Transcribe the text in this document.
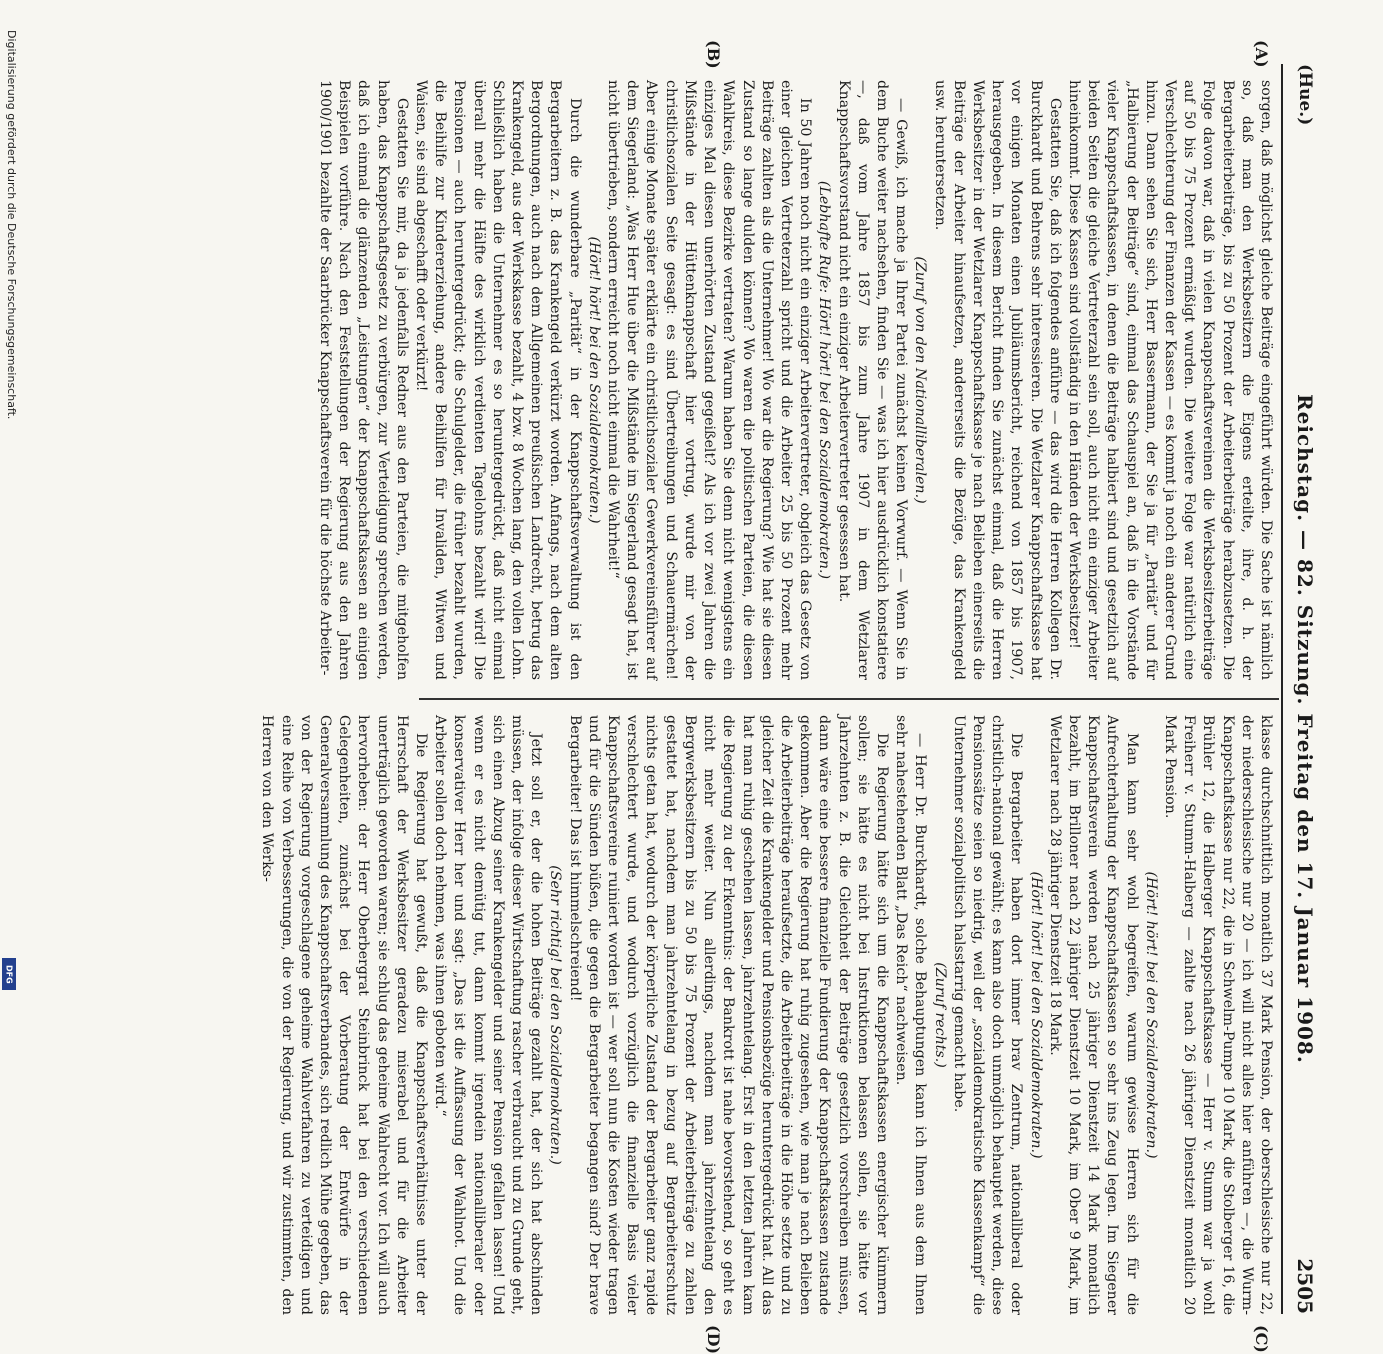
(Hue.)
Reichstag. — 82. Sitzung. Freitag den 17. Januar 1908.
2505
(A)
(B)
(C)
(D)

sorgen, daß möglichst gleiche Beiträge eingeführt würden. Die Sache ist nämlich so, daß man den Werksbesitzern die Eigens erteilte, ihre, d. h. der Bergarbeiterbeiträge, bis zu 50 Prozent der Arbeiterbeiträge herabzusetzen. Die Folge davon war, daß in vielen Knappschaftsvereinen die Werksbesitzerbeiträge auf 50 bis 75 Prozent ermäßigt wurden. Die weitere Folge war natürlich eine Verschlechterung der Finanzen der Kassen — es kommt ja noch ein anderer Grund hinzu. Dann sehen Sie sich, Herr Bassermann, der Sie ja für „Parität“ und für „Halbierung der Beiträge“ sind, einmal das Schauspiel an, daß in die Vorstände vieler Knappschaftskassen, in denen die Beiträge halbiert sind und gesetzlich auf beiden Seiten die gleiche Vertreterzahl sein soll, auch nicht ein einziger Arbeiter hineinkommt. Diese Kassen sind vollständig in den Händen der Werksbesitzer!

Gestatten Sie, daß ich folgendes anführe — das wird die Herren Kollegen Dr. Burckhardt und Behrens sehr interessieren. Die Wetzlarer Knappschaftskasse hat vor einigen Monaten einen Jubiläumsbericht, reichend von 1857 bis 1907, herausgegeben. In diesem Bericht finden Sie zunächst einmal, daß die Herren Werksbesitzer in der Wetzlarer Knappschaftskasse je nach Belieben einerseits die Beiträge der Arbeiter hinaufsetzen, andererseits die Bezüge, das Krankengeld usw. heruntersetzen.

(Zuruf von den Nationalliberalen.)

— Gewiß, ich mache ja Ihrer Partei zunächst keinen Vorwurf. — Wenn Sie in dem Buche weiter nachsehen, finden Sie — was ich hier ausdrücklich konstatiere —, daß vom Jahre 1857 bis zum Jahre 1907 in dem Wetzlarer Knappschaftsvorstand nicht ein einziger Arbeitervertreter gesessen hat.

(Lebhafte Rufe: Hört! hört! bei den Sozialdemokraten.)

In 50 Jahren noch nicht ein einziger Arbeitervertreter, obgleich das Gesetz von einer gleichen Vertreterzahl spricht und die Arbeiter 25 bis 50 Prozent mehr Beiträge zahlten als die Unternehmer! Wo war die Regierung? Wie hat sie diesen Zustand so lange dulden können? Wo waren die politischen Parteien, die diesen Wahlkreis, diese Bezirke vertraten? Warum haben Sie denn nicht wenigstens ein einziges Mal diesen unerhörten Zustand gegeißelt? Als ich vor zwei Jahren die Mißstände in der Hüttenknappschaft hier vortrug, wurde mir von der christlichsozialen Seite gesagt: es sind Übertreibungen und Schauermärchen! Aber einige Monate später erklärte ein christlichsozialer Gewerkvereinsführer auf dem Siegerland: „Was Herr Hue über die Mißstände im Siegerland gesagt hat, ist nicht übertrieben, sondern erreicht noch nicht einmal die Wahrheit!“

(Hört! hört! bei den Sozialdemokraten.)

Durch die wunderbare „Parität“ in der Knappschaftsverwaltung ist den Bergarbeitern z. B. das Krankengeld verkürzt worden. Anfangs, nach dem alten Bergordnungen, auch nach dem Allgemeinen preußischen Landrecht, betrug das Krankengeld, aus der Werkskasse bezahlt, 4 bzw. 8 Wochen lang, den vollen Lohn. Schließlich haben die Unternehmer es so heruntergedrückt, daß nicht einmal überall mehr die Hälfte des wirklich verdienten Tagelohns bezahlt wird! Die Pensionen — auch heruntergedrückt; die Schulgelder, die früher bezahlt wurden, die Beihilfe zur Kindererziehung, andere Beihilfen für Invaliden, Witwen und Waisen, sie sind abgeschafft oder verkürzt!

Gestatten Sie mir, da ja jedenfalls Redner aus den Parteien, die mitgeholfen haben, das Knappschaftsgesetz zu verbürgen, zur Verteidigung sprechen werden, daß ich einmal die glänzenden „Leistungen“ der Knappschaftskassen an einigen Beispielen vorführe. Nach den Feststellungen der Regierung aus den Jahren 1900/1901 bezahlte der Saarbrücker Knappschaftsverein für die höchste Arbeiter-

klasse durchschnittlich monatlich 37 Mark Pension, der oberschlesische nur 22, der niederschlesische nur 20 — ich will nicht alles hier anführen —, die Wurm-Knappschaftskasse nur 22, die in Schwelm-Pumpe 10 Mark, die Stolberger 16, die Brühler 12, die Halberger Knappschaftskasse — Herr v. Stumm war ja wohl Freiherr v. Stumm-Halberg — zahlte nach 26 jähriger Dienstzeit monatlich 20 Mark Pension.

(Hört! hört! bei den Sozialdemokraten.)

Man kann sehr wohl begreifen, warum gewisse Herren sich für die Aufrechterhaltung der Knappschaftskassen so sehr ins Zeug legen. Im Siegener Knappschaftsverein werden nach 25 jähriger Dienstzeit 14 Mark monatlich bezahlt, im Brilloner nach 22 jähriger Dienstzeit 10 Mark, im Ober 9 Mark, im Wetzlarer nach 28 jähriger Dienstzeit 18 Mark.

(Hört! hört! bei den Sozialdemokraten.)

Die Bergarbeiter haben dort immer brav Zentrum, nationalliberal oder christlich-national gewählt; es kann also doch unmöglich behauptet werden, diese Pensionssätze seien so niedrig, weil der „sozialdemokratische Klassenkampf“ die Unternehmer sozialpolitisch halsstarrig gemacht habe.

(Zuruf rechts.)

— Herr Dr. Burckhardt, solche Behauptungen kann ich Ihnen aus dem Ihnen sehr nahestehenden Blatt „Das Reich“ nachweisen.

Die Regierung hätte sich um die Knappschaftskassen energischer kümmern sollen; sie hätte es nicht bei Instruktionen belassen sollen, sie hätte vor Jahrzehnten z. B. die Gleichheit der Beiträge gesetzlich vorschreiben müssen, dann wäre eine bessere finanzielle Fundierung der Knappschaftskassen zustande gekommen. Aber die Regierung hat ruhig zugesehen, wie man je nach Belieben die Arbeiterbeiträge heraufsetzte, die Arbeiterbeiträge in die Höhe setzte und zu gleicher Zeit die Krankengelder und Pensionsbezüge heruntergedrückt hat. All das hat man ruhig geschehen lassen, jahrzehntelang. Erst in den letzten Jahren kam die Regierung zu der Erkenntnis: der Bankrott ist nahe bevorstehend, so geht es nicht mehr weiter. Nun allerdings, nachdem man jahrzehntelang den Bergwerksbesitzern bis zu 50 bis 75 Prozent der Arbeiterbeiträge zu zahlen gestattet hat, nachdem man jahrzehntelang in bezug auf Bergarbeiterschutz nichts getan hat, wodurch der körperliche Zustand der Bergarbeiter ganz rapide verschlechtert wurde, und wodurch vorzüglich die finanzielle Basis vieler Knappschaftsvereine ruiniert worden ist — wer soll nun die Kosten wieder tragen und für die Sünden büßen, die gegen die Bergarbeiter begangen sind? Der brave Bergarbeiter! Das ist himmelschreiend!

(Sehr richtig! bei den Sozialdemokraten.)

Jetzt soll er, der die hohen Beiträge gezahlt hat, der sich hat abschinden müssen, der infolge dieser Wirtschaftung rascher verbraucht und zu Grunde geht, sich einen Abzug seiner Krankengelder und seiner Pension gefallen lassen! Und wenn er es nicht demütig tut, dann kommt irgendein nationalliberaler oder konservativer Herr her und sagt: „Das ist die Auffassung der Wahlnot. Und die Arbeiter sollen doch nehmen, was ihnen geboten wird.“

Die Regierung hat gewußt, daß die Knappschaftsverhältnisse unter der Herrschaft der Werksbesitzer geradezu miserabel und für die Arbeiter unerträglich geworden waren; sie schlug das geheime Wahlrecht vor. Ich will auch hervorheben: der Herr Oberbergrat Steinbrinck hat bei den verschiedenen Gelegenheiten, zunächst bei der Vorberatung der Entwürfe in der Generalversammlung des Knappschaftsverbandes, sich redlich Mühe gegeben, das von der Regierung vorgeschlagene geheime Wahlverfahren zu verteidigen und eine Reihe von Verbesserungen, die von der Regierung, und wir zustimmten, den Herren von den Werks-

Digitalisierung gefördert durch die Deutsche Forschungsgemeinschaft.
DFG
